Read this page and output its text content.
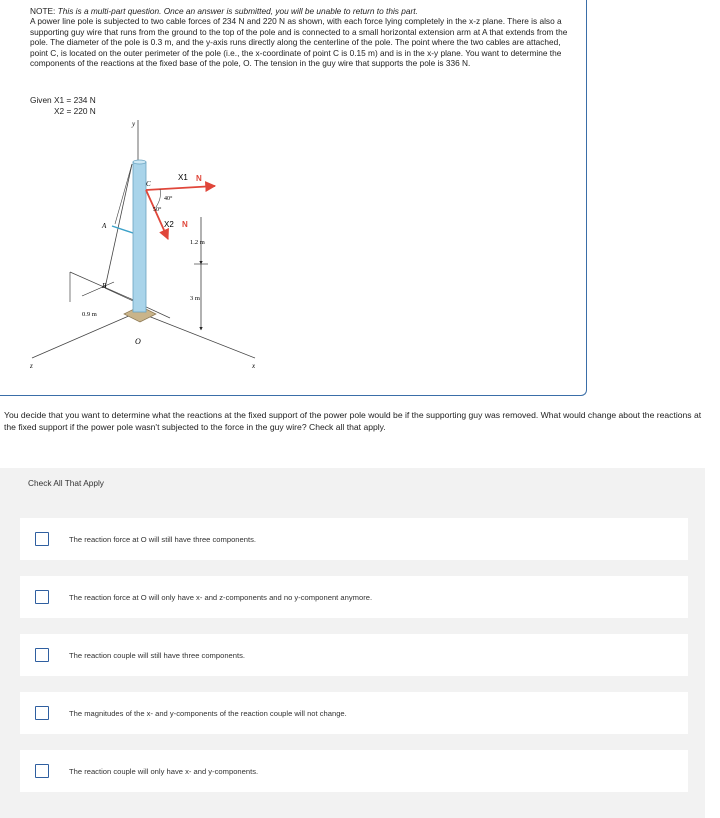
NOTE: This is a multi-part question. Once an answer is submitted, you will be unable to return to this part.
A power line pole is subjected to two cable forces of 234 N and 220 N as shown, with each force lying completely in the x-z plane. There is also a supporting guy wire that runs from the ground to the top of the pole and is connected to a small horizontal extension arm at A that extends from the pole. The diameter of the pole is 0.3 m, and the y-axis runs directly along the centerline of the pole. The point where the two cables are attached, point C, is located on the outer perimeter of the pole (i.e., the x-coordinate of point C is 0.15 m) and is in the x-y plane. You want to determine the components of the reactions at the fixed base of the pole, O. The tension in the guy wire that supports the pole is 336 N.
Given X1 = 234 N
X2 = 220 N
y
C
A
B
O
x
z
X1 N
X2 N
40°
50°
1.2 m
3 m
0.9 m
You decide that you want to determine what the reactions at the fixed support of the power pole would be if the supporting guy was removed. What would change about the reactions at the fixed support if the power pole wasn't subjected to the force in the guy wire? Check all that apply.
Check All That Apply
The reaction force at O will still have three components.
The reaction force at O will only have x- and z-components and no y-component anymore.
The reaction couple will still have three components.
The magnitudes of the x- and y-components of the reaction couple will not change.
The reaction couple will only have x- and y-components.
